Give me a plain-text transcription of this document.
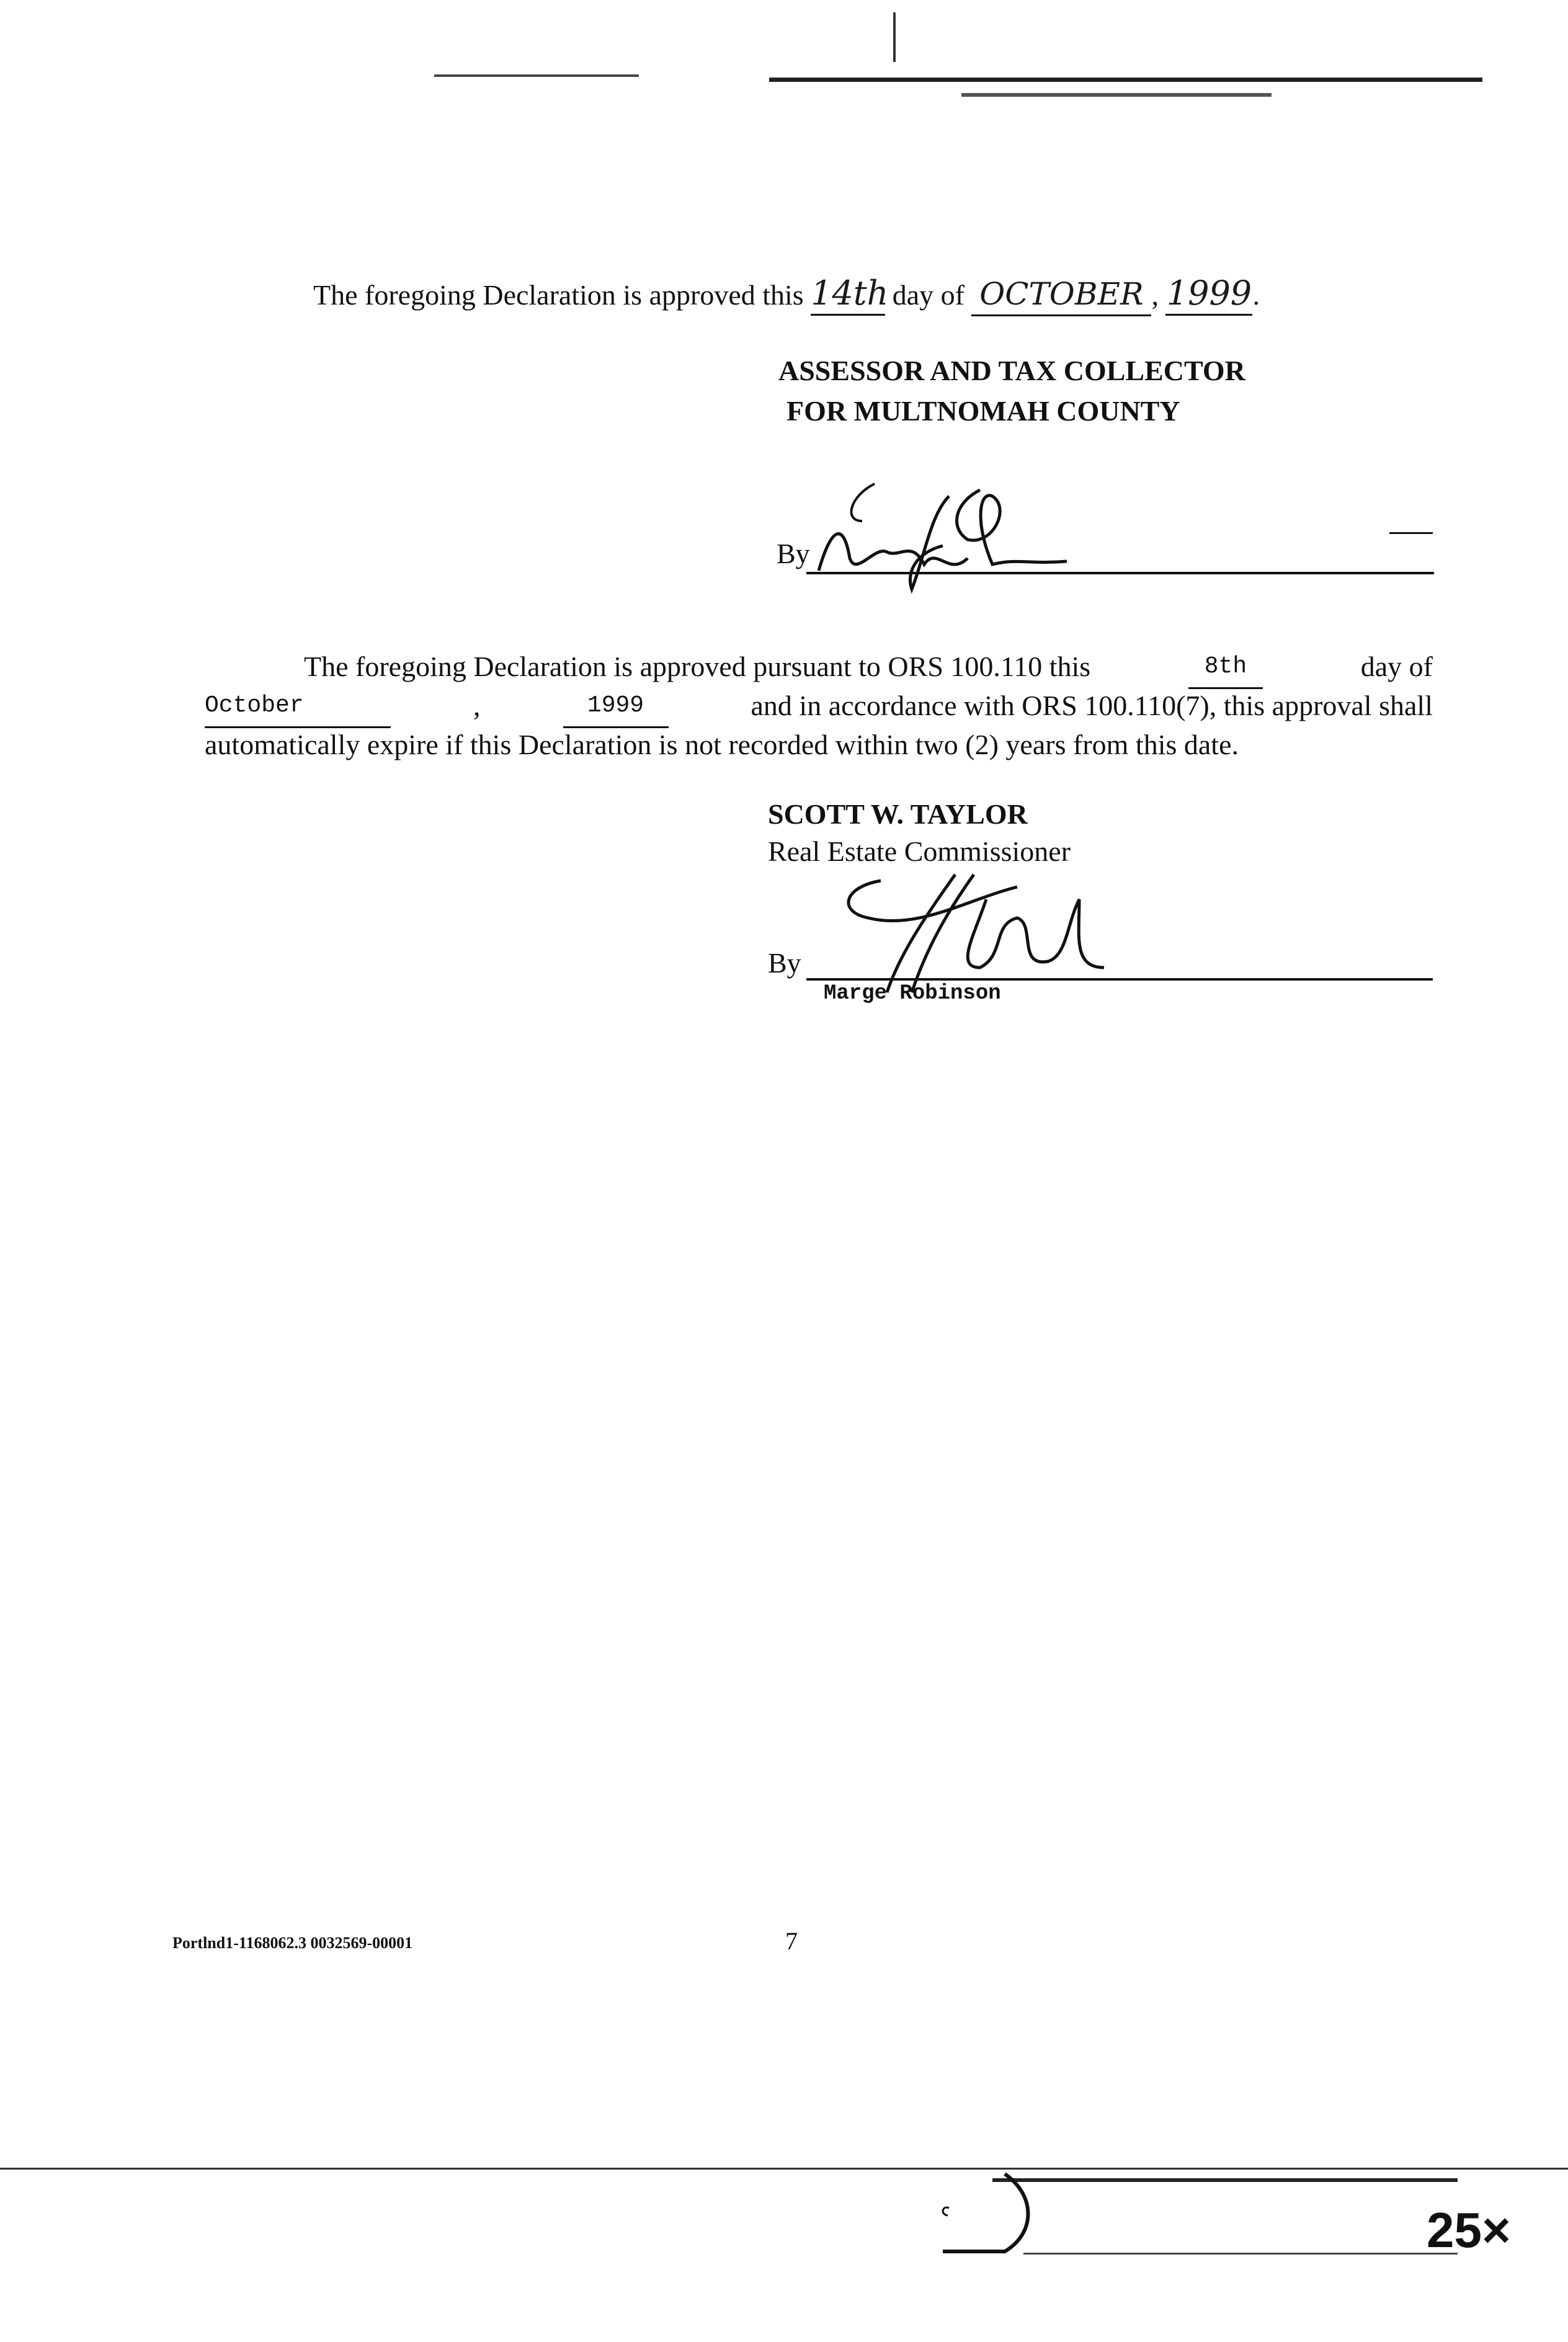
The foregoing Declaration is approved this 14th day of OCTOBER , 1999.
ASSESSOR AND TAX COLLECTOR
FOR MULTNOMAH COUNTY
By
The foregoing Declaration is approved pursuant to ORS 100.110 this	8th	day of
October	,	1999	and in accordance with ORS 100.110(7), this approval shall
automatically expire if this Declaration is not recorded within two (2) years from this date.
SCOTT W. TAYLOR
Real Estate Commissioner
By
Marge Robinson
Portlnd1-1168062.3 0032569-00001	7
25×
